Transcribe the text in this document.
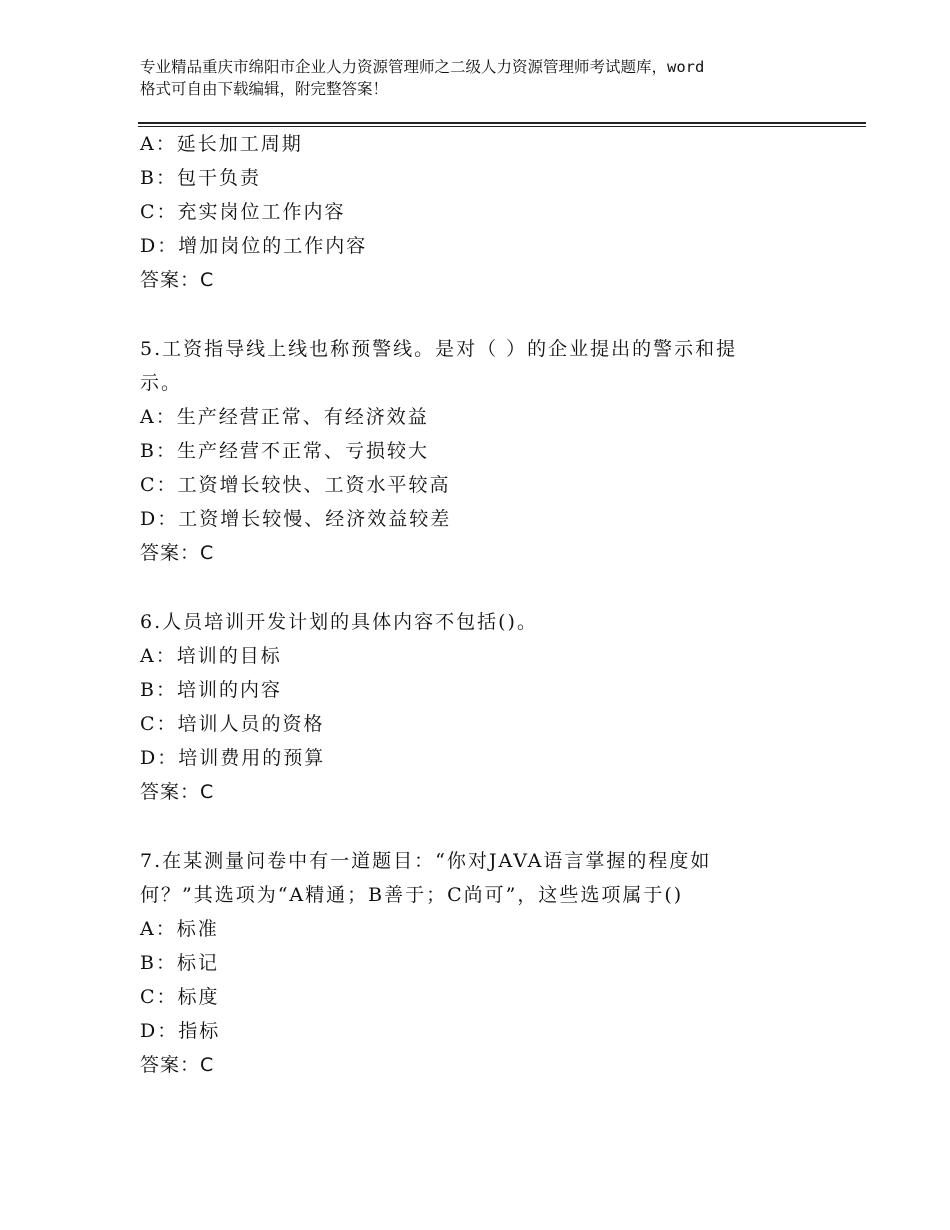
专业精品重庆市绵阳市企业人力资源管理师之二级人力资源管理师考试题库，word
格式可自由下载编辑，附完整答案！
A：延长加工周期
B：包干负责
C：充实岗位工作内容
D：增加岗位的工作内容
答案：C
5.工资指导线上线也称预警线。是对（ ）的企业提出的警示和提
示。
A：生产经营正常、有经济效益
B：生产经营不正常、亏损较大
C：工资增长较快、工资水平较高
D：工资增长较慢、经济效益较差
答案：C
6.人员培训开发计划的具体内容不包括()。
A：培训的目标
B：培训的内容
C：培训人员的资格
D：培训费用的预算
答案：C
7.在某测量问卷中有一道题目：“你对JAVA语言掌握的程度如
何？”其选项为“A精通；B善于；C尚可”，这些选项属于()
A：标准
B：标记
C：标度
D：指标
答案：C
